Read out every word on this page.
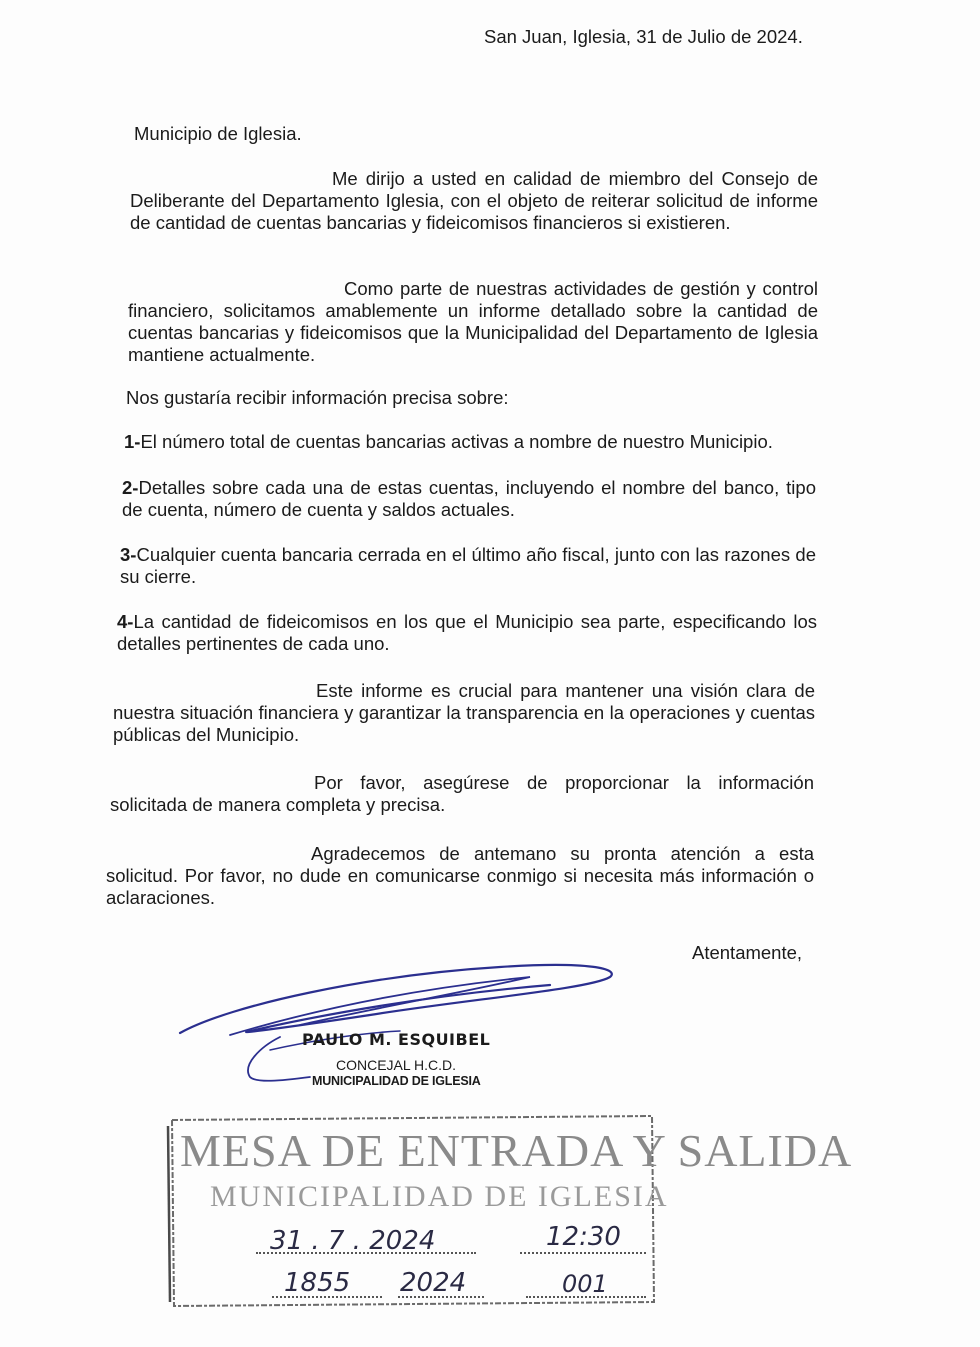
San Juan, Iglesia, 31 de Julio de 2024.
Municipio de Iglesia.
Me dirijo a usted en calidad de miembro del Consejo de Deliberante del Departamento Iglesia, con el objeto de reiterar solicitud de informe de cantidad de cuentas bancarias y fideicomisos financieros si existieren.
Como parte de nuestras actividades de gestión y control financiero, solicitamos amablemente un informe detallado sobre la cantidad de cuentas bancarias y fideicomisos que la Municipalidad del Departamento de Iglesia mantiene actualmente.
Nos gustaría recibir información precisa sobre:
1-El número total de cuentas bancarias activas a nombre de nuestro Municipio.
2-Detalles sobre cada una de estas cuentas, incluyendo el nombre del banco, tipo de cuenta, número de cuenta y saldos actuales.
3-Cualquier cuenta bancaria cerrada en el último año fiscal, junto con las razones de su cierre.
4-La cantidad de fideicomisos en los que el Municipio sea parte, especificando los detalles pertinentes de cada uno.
Este informe es crucial para mantener una visión clara de nuestra situación financiera y garantizar la transparencia en la operaciones y cuentas públicas del Municipio.
Por favor, asegúrese de proporcionar la información solicitada de manera completa y precisa.
Agradecemos de antemano su pronta atención a esta solicitud. Por favor, no dude en comunicarse conmigo si necesita más información o aclaraciones.
Atentamente,
PAULO M. ESQUIBEL
CONCEJAL H.C.D.
MUNICIPALIDAD DE IGLESIA
MESA DE ENTRADA Y SALIDA
MUNICIPALIDAD DE IGLESIA
31 . 7 . 2024	12:30
1855 2024	001
